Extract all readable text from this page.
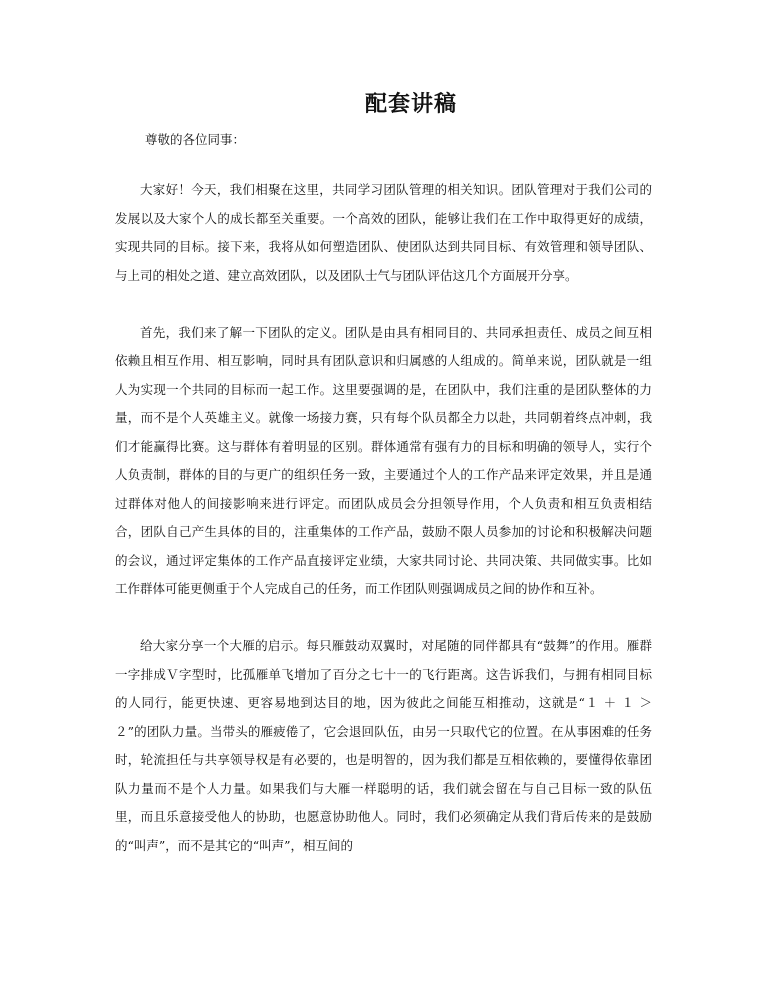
配套讲稿
尊敬的各位同事：

大家好！今天，我们相聚在这里，共同学习团队管理的相关知识。团队管理对于我们公司的发展以及大家个人的成长都至关重要。一个高效的团队，能够让我们在工作中取得更好的成绩，实现共同的目标。接下来，我将从如何塑造团队、使团队达到共同目标、有效管理和领导团队、与上司的相处之道、建立高效团队，以及团队士气与团队评估这几个方面展开分享。

首先，我们来了解一下团队的定义。团队是由具有相同目的、共同承担责任、成员之间互相依赖且相互作用、相互影响，同时具有团队意识和归属感的人组成的。简单来说，团队就是一组人为实现一个共同的目标而一起工作。这里要强调的是，在团队中，我们注重的是团队整体的力量，而不是个人英雄主义。就像一场接力赛，只有每个队员都全力以赴，共同朝着终点冲刺，我们才能赢得比赛。这与群体有着明显的区别。群体通常有强有力的目标和明确的领导人，实行个人负责制，群体的目的与更广的组织任务一致，主要通过个人的工作产品来评定效果，并且是通过群体对他人的间接影响来进行评定。而团队成员会分担领导作用，个人负责和相互负责相结合，团队自己产生具体的目的，注重集体的工作产品，鼓励不限人员参加的讨论和积极解决问题的会议，通过评定集体的工作产品直接评定业绩，大家共同讨论、共同决策、共同做实事。比如工作群体可能更侧重于个人完成自己的任务，而工作团队则强调成员之间的协作和互补。

给大家分享一个大雁的启示。每只雁鼓动双翼时，对尾随的同伴都具有“鼓舞”的作用。雁群一字排成Ｖ字型时，比孤雁单飞增加了百分之七十一的飞行距离。这告诉我们，与拥有相同目标的人同行，能更快速、更容易地到达目的地，因为彼此之间能互相推动，这就是“１ ＋ １ ＞ ２”的团队力量。当带头的雁疲倦了，它会退回队伍，由另一只取代它的位置。在从事困难的任务时，轮流担任与共享领导权是有必要的，也是明智的，因为我们都是互相依赖的，要懂得依靠团队力量而不是个人力量。如果我们与大雁一样聪明的话，我们就会留在与自己目标一致的队伍里，而且乐意接受他人的协助，也愿意协助他人。同时，我们必须确定从我们背后传来的是鼓励的“叫声”，而不是其它的“叫声”，相互间的
